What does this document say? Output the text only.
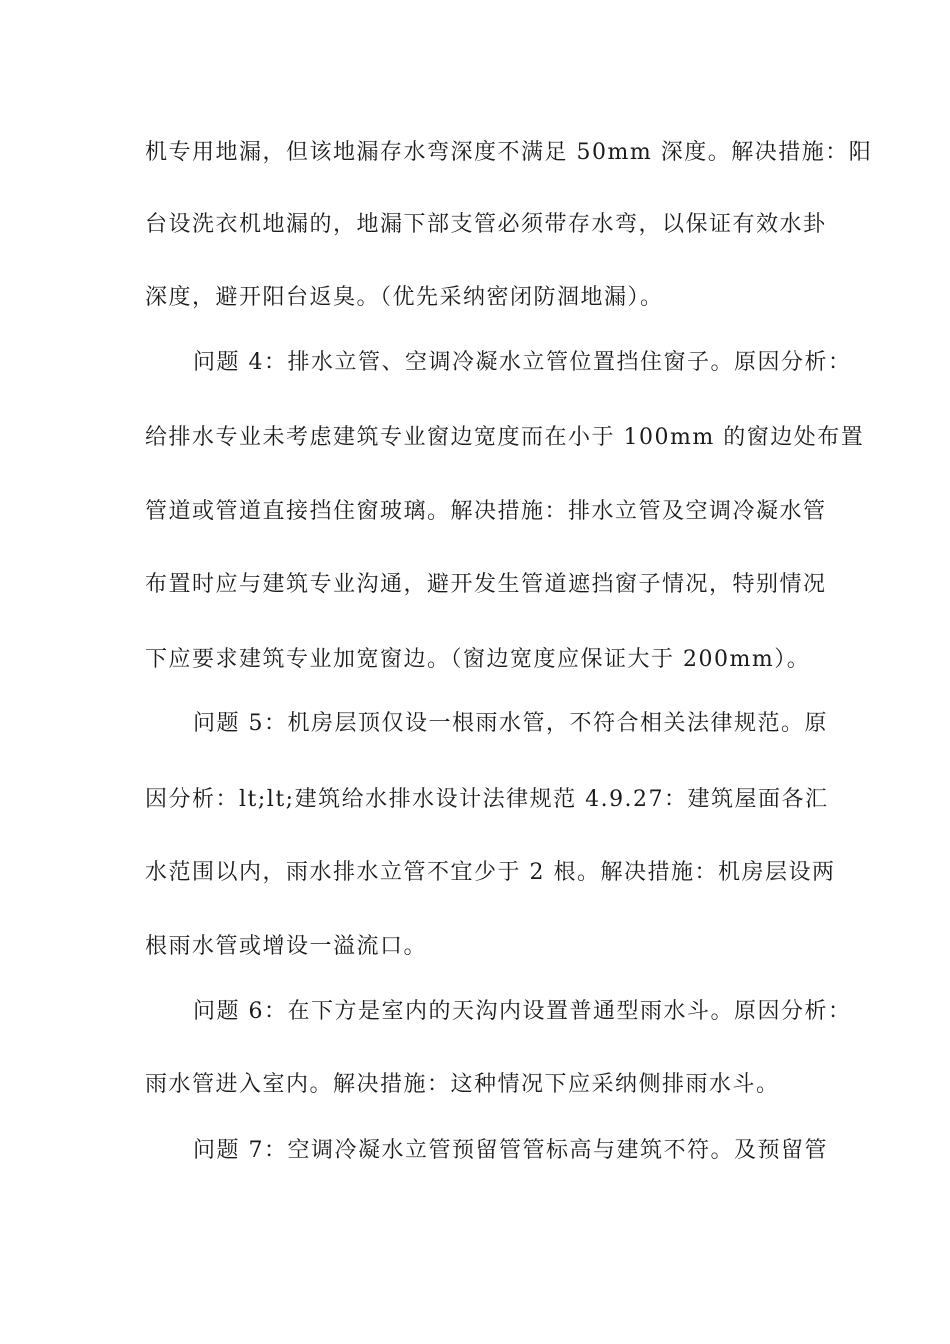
机专用地漏，但该地漏存水弯深度不满足 50mm 深度。解决措施：阳
台设洗衣机地漏的，地漏下部支管必须带存水弯，以保证有效水卦
深度，避开阳台返臭。（优先采纳密闭防涸地漏）。
问题 4：排水立管、空调冷凝水立管位置挡住窗子。原因分析：
给排水专业未考虑建筑专业窗边宽度而在小于 100mm 的窗边处布置
管道或管道直接挡住窗玻璃。解决措施：排水立管及空调冷凝水管
布置时应与建筑专业沟通，避开发生管道遮挡窗子情况，特别情况
下应要求建筑专业加宽窗边。（窗边宽度应保证大于 200mm）。
问题 5：机房层顶仅设一根雨水管，不符合相关法律规范。原
因分析：lt;lt;建筑给水排水设计法律规范 4.9.27：建筑屋面各汇
水范围以内，雨水排水立管不宜少于 2 根。解决措施：机房层设两
根雨水管或增设一溢流口。
问题 6：在下方是室内的天沟内设置普通型雨水斗。原因分析：
雨水管进入室内。解决措施：这种情况下应采纳侧排雨水斗。
问题 7：空调冷凝水立管预留管管标高与建筑不符。及预留管
